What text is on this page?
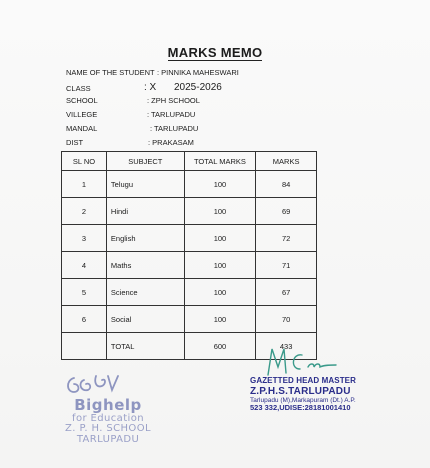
MARKS MEMO
NAME OF THE STUDENT : PINNIKA MAHESWARI
CLASS	: X 2025-2026
SCHOOL	: ZPH SCHOOL
VILLEGE	: TARLUPADU
MANDAL	: TARLUPADU
DIST	: PRAKASAM
SL NO	SUBJECT	TOTAL MARKS	MARKS
1	Telugu	100	84
2	Hindi	100	69
3	English	100	72
4	Maths	100	71
5	Science	100	67
6	Social	100	70
	TOTAL	600	433
Bighelp
for Education
Z. P. H. SCHOOL
TARLUPADU
GAZETTED HEAD MASTER
Z.P.H.S.TARLUPADU
Tarlupadu (M),Markapuram (Dt.) A.P.
523 332,UDISE:28181001410
